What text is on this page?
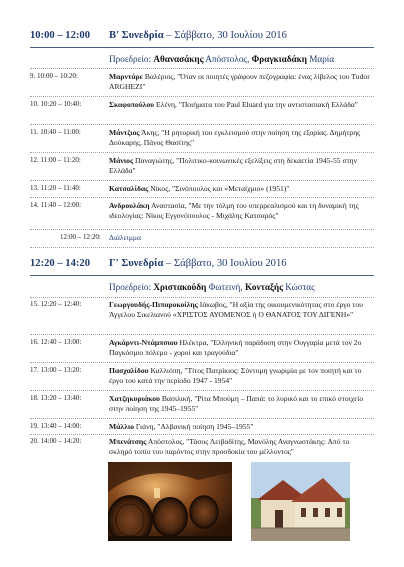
10:00 – 12:00 Β' Συνεδρία – Σάββατο, 30 Ιουλίου 2016
Προεδρείο: Αθανασάκης Απόστολος, Φραγκιαδάκη Μαρία
9. 10:00 – 10:20:	Μαρντάρε Βαλέριος, "Όταν οι ποιητές γράφουν πεζογραφία: ένας λίβελος του Tudor ARGHEZI"
10. 10:20 – 10:40:	Σκαφοπούλου Ελένη, "Ποιήματα του Paul Eluard για την αντιστασιακή Ελλάδα"
11. 10:40 – 11:00:	Μάντζιος Άκης, "Η ρητορική του εγκλεισμού στην ποίηση της εξορίας. Δημήτρης Δούκαρης, Πάνος Θασίτης"
12. 11:00 – 11:20:	Μάνιος Παναγιώτης, "Πολιτικο-κοινωνικές εξελίξεις στη δεκαετία 1945-55 στην Ελλάδα"
13. 11:20 – 11:40:	Κατσαλίδας Νίκος, "Σινόπουλος και «Μεταίχμιο» (1951)"
14. 11:40 – 12:00:	Ανδρουλάκη Αναστασία, "Με την τόλμη του υπερρεαλισμού και τη δυναμική της ιδεολογίας: Νίκος Εγγονόπουλος - Μιχάλης Κατσαρός"
12:00 – 12:20:	Διάλειμμα
12:20 – 14:20 Γ' Συνεδρία – Σάββατο, 30 Ιουλίου 2016
Προεδρείο: Χριστακούδη Φωτεινή, Κονταξής Κώστας
15. 12:20 – 12:40:	Γεωργουδής-Πιπαροκοίλης Ιάκωβος, "Η αξία της οικουμενικότητας στο έργο του Άγγελου Σικελιανού «ΧΡΙΣΤΟΣ ΑΥΟΜΕΝΟΣ ή Ο ΘΑΝΑΤΟΣ ΤΟΥ ΔΙΓΕΝΗ»"
16. 12:40 – 13:00:	Αγκάρντι-Ντάμπσιου Ηλέκτρα, "Ελληνική παράδοση στην Ουγγαρία μετά τον 2ο Παγκόσμιο πόλεμο - χοροί και τραγούδια"
17. 13:00 – 13:20:	Πασχαλίδου Καλλιόπη, "Τίτος Πατρίκιος: Σύντομη γνωριμία με τον ποιητή και το έργο του κατά την περίοδο 1947 - 1954"
18. 13:20 – 13:40:	Χατζηκυριάκου Βασιλική, "Ρίτα Μπούμη – Παπά: το λυρικό και το επικό στοιχείο στην ποίηση της 1945–1955"
19. 13:40 – 14:00:	Μάλλιο Γιάνη, "Αλβανική ποίηση 1945–1955"
20. 14:00 – 14:20:	Μπενάτσης Απόστολος, "Τάσος Λειβαδίτης, Μανόλης Αναγνωστάκης: Από το σκληρό τοπίο του παρόντος στην προσδοκία του μέλλοντος"
